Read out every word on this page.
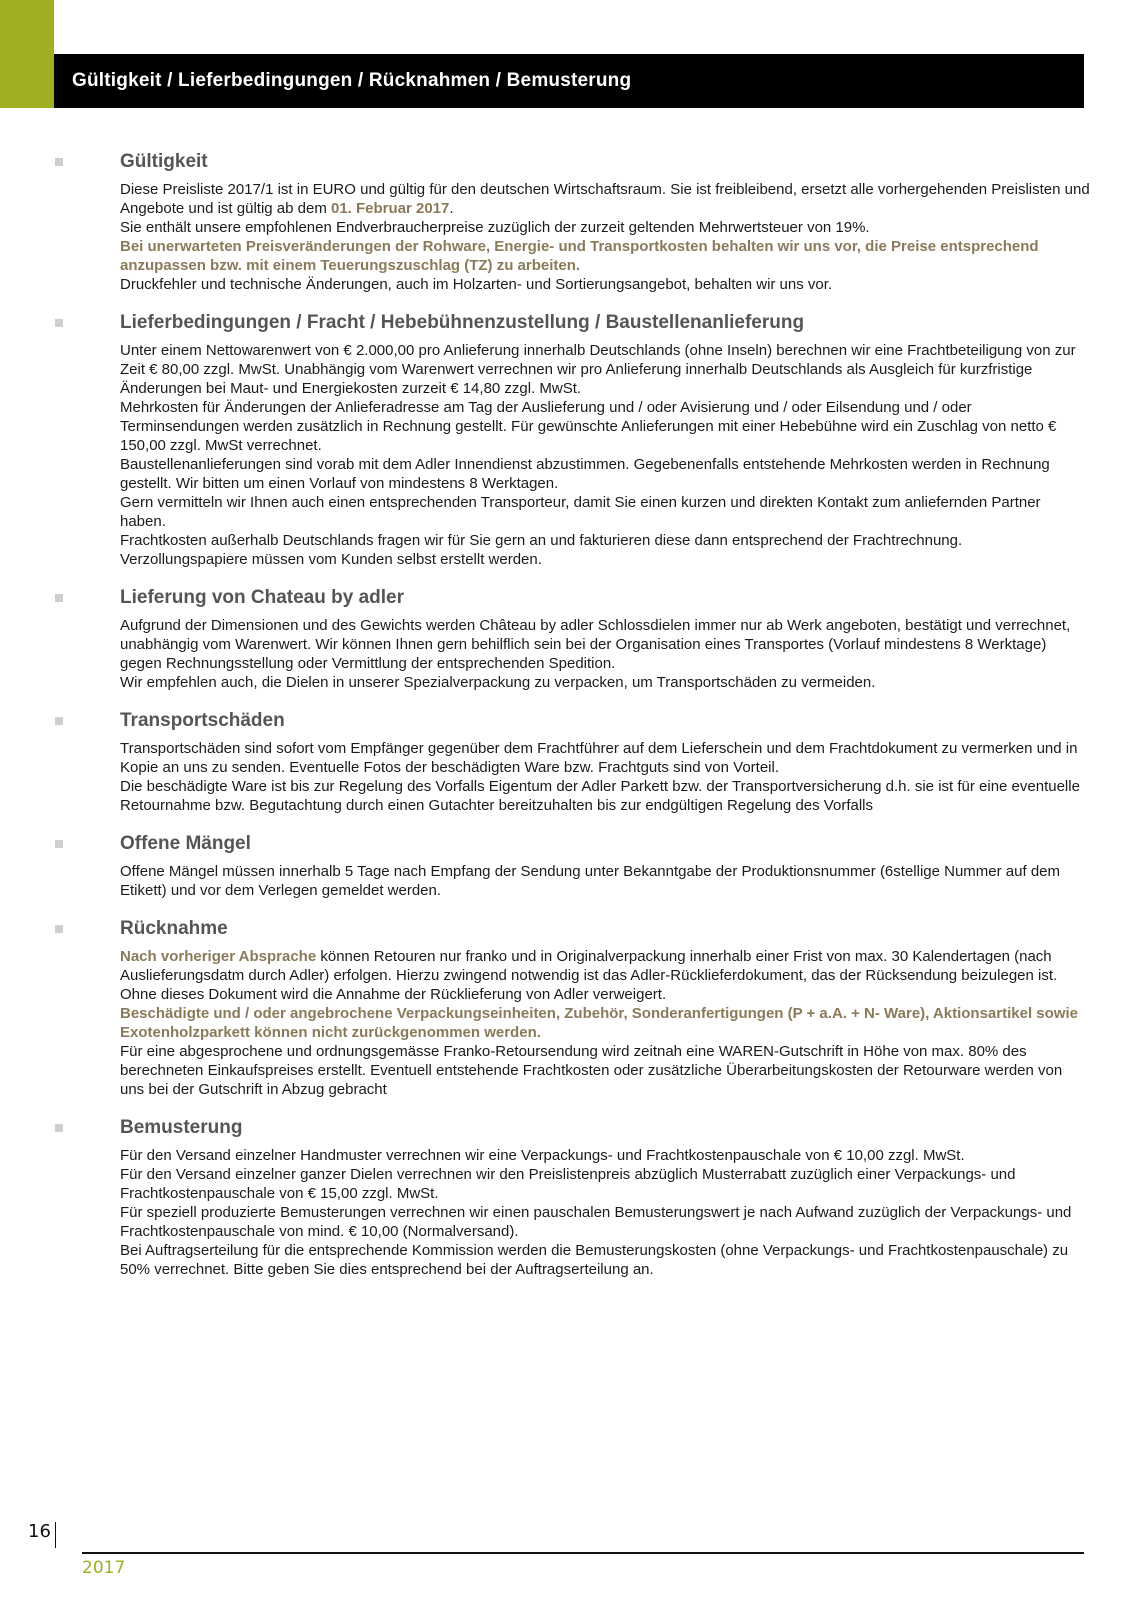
Gültigkeit / Lieferbedingungen / Rücknahmen / Bemusterung
Gültigkeit

Diese Preisliste 2017/1 ist in EURO und gültig für den deutschen Wirtschaftsraum. Sie ist freibleibend, ersetzt alle vorhergehenden Preislisten und Angebote und ist gültig ab dem 01. Februar 2017.

Sie enthält unsere empfohlenen Endverbraucherpreise zuzüglich der zurzeit geltenden Mehrwertsteuer von 19%.

Bei unerwarteten Preisveränderungen der Rohware, Energie- und Transportkosten behalten wir uns vor, die Preise entsprechend anzupassen bzw. mit einem Teuerungszuschlag (TZ) zu arbeiten.

Druckfehler und technische Änderungen, auch im Holzarten- und Sortierungsangebot, behalten wir uns vor.

Lieferbedingungen / Fracht / Hebebühnenzustellung / Baustellenanlieferung

Unter einem Nettowarenwert von € 2.000,00 pro Anlieferung innerhalb Deutschlands (ohne Inseln) berechnen wir eine Frachtbeteiligung von zur Zeit € 80,00 zzgl. MwSt. Unabhängig vom Warenwert verrechnen wir pro Anlieferung innerhalb Deutschlands als Ausgleich für kurzfristige Änderungen bei Maut- und Energiekosten zurzeit € 14,80 zzgl. MwSt.

Mehrkosten für Änderungen der Anlieferadresse am Tag der Auslieferung und / oder Avisierung und / oder Eilsendung und / oder Terminsendungen werden zusätzlich in Rechnung gestellt. Für gewünschte Anlieferungen mit einer Hebebühne wird ein Zuschlag von netto € 150,00 zzgl. MwSt verrechnet.

Baustellenanlieferungen sind vorab mit dem Adler Innendienst abzustimmen. Gegebenenfalls entstehende Mehrkosten werden in Rechnung gestellt. Wir bitten um einen Vorlauf von mindestens 8 Werktagen.

Gern vermitteln wir Ihnen auch einen entsprechenden Transporteur, damit Sie einen kurzen und direkten Kontakt zum anliefernden Partner haben.

Frachtkosten außerhalb Deutschlands fragen wir für Sie gern an und fakturieren diese dann entsprechend der Frachtrechnung. Verzollungspapiere müssen vom Kunden selbst erstellt werden.

Lieferung von Chateau by adler

Aufgrund der Dimensionen und des Gewichts werden Château by adler Schlossdielen immer nur ab Werk angeboten, bestätigt und verrechnet, unabhängig vom Warenwert. Wir können Ihnen gern behilflich sein bei der Organisation eines Transportes (Vorlauf mindestens 8 Werktage) gegen Rechnungsstellung oder Vermittlung der entsprechenden Spedition.

Wir empfehlen auch, die Dielen in unserer Spezialverpackung zu verpacken, um Transportschäden zu vermeiden.

Transportschäden

Transportschäden sind sofort vom Empfänger gegenüber dem Frachtführer auf dem Lieferschein und dem Frachtdokument zu vermerken und in Kopie an uns zu senden. Eventuelle Fotos der beschädigten Ware bzw. Frachtguts sind von Vorteil.

Die beschädigte Ware ist bis zur Regelung des Vorfalls Eigentum der Adler Parkett bzw. der Transportversicherung d.h. sie ist für eine eventuelle Retournahme bzw. Begutachtung durch einen Gutachter bereitzuhalten bis zur endgültigen Regelung des Vorfalls

Offene Mängel

Offene Mängel müssen innerhalb 5 Tage nach Empfang der Sendung unter Bekanntgabe der Produktionsnummer (6stellige Nummer auf dem Etikett) und vor dem Verlegen gemeldet werden.

Rücknahme

Nach vorheriger Absprache können Retouren nur franko und in Originalverpackung innerhalb einer Frist von max. 30 Kalendertagen (nach Auslieferungsdatm durch Adler) erfolgen. Hierzu zwingend notwendig ist das Adler-Rücklieferdokument, das der Rücksendung beizulegen ist. Ohne dieses Dokument wird die Annahme der Rücklieferung von Adler verweigert.

Beschädigte und / oder angebrochene Verpackungseinheiten, Zubehör, Sonderanfertigungen (P + a.A. + N- Ware), Aktionsartikel sowie Exotenholzparkett können nicht zurückgenommen werden.

Für eine abgesprochene und ordnungsgemässe Franko-Retoursendung wird zeitnah eine WAREN-Gutschrift in Höhe von max. 80% des berechneten Einkaufspreises erstellt. Eventuell entstehende Frachtkosten oder zusätzliche Überarbeitungskosten der Retourware werden von uns bei der Gutschrift in Abzug gebracht

Bemusterung

Für den Versand einzelner Handmuster verrechnen wir eine Verpackungs- und Frachtkostenpauschale von € 10,00 zzgl. MwSt.

Für den Versand einzelner ganzer Dielen verrechnen wir den Preislistenpreis abzüglich Musterrabatt zuzüglich einer Verpackungs- und Frachtkostenpauschale von € 15,00 zzgl. MwSt.

Für speziell produzierte Bemusterungen verrechnen wir einen pauschalen Bemusterungswert je nach Aufwand zuzüglich der Verpackungs- und Frachtkostenpauschale von mind. € 10,00 (Normalversand).

Bei Auftragserteilung für die entsprechende Kommission werden die Bemusterungskosten (ohne Verpackungs- und Frachtkostenpauschale) zu 50% verrechnet. Bitte geben Sie dies entsprechend bei der Auftragserteilung an.

16
2017
